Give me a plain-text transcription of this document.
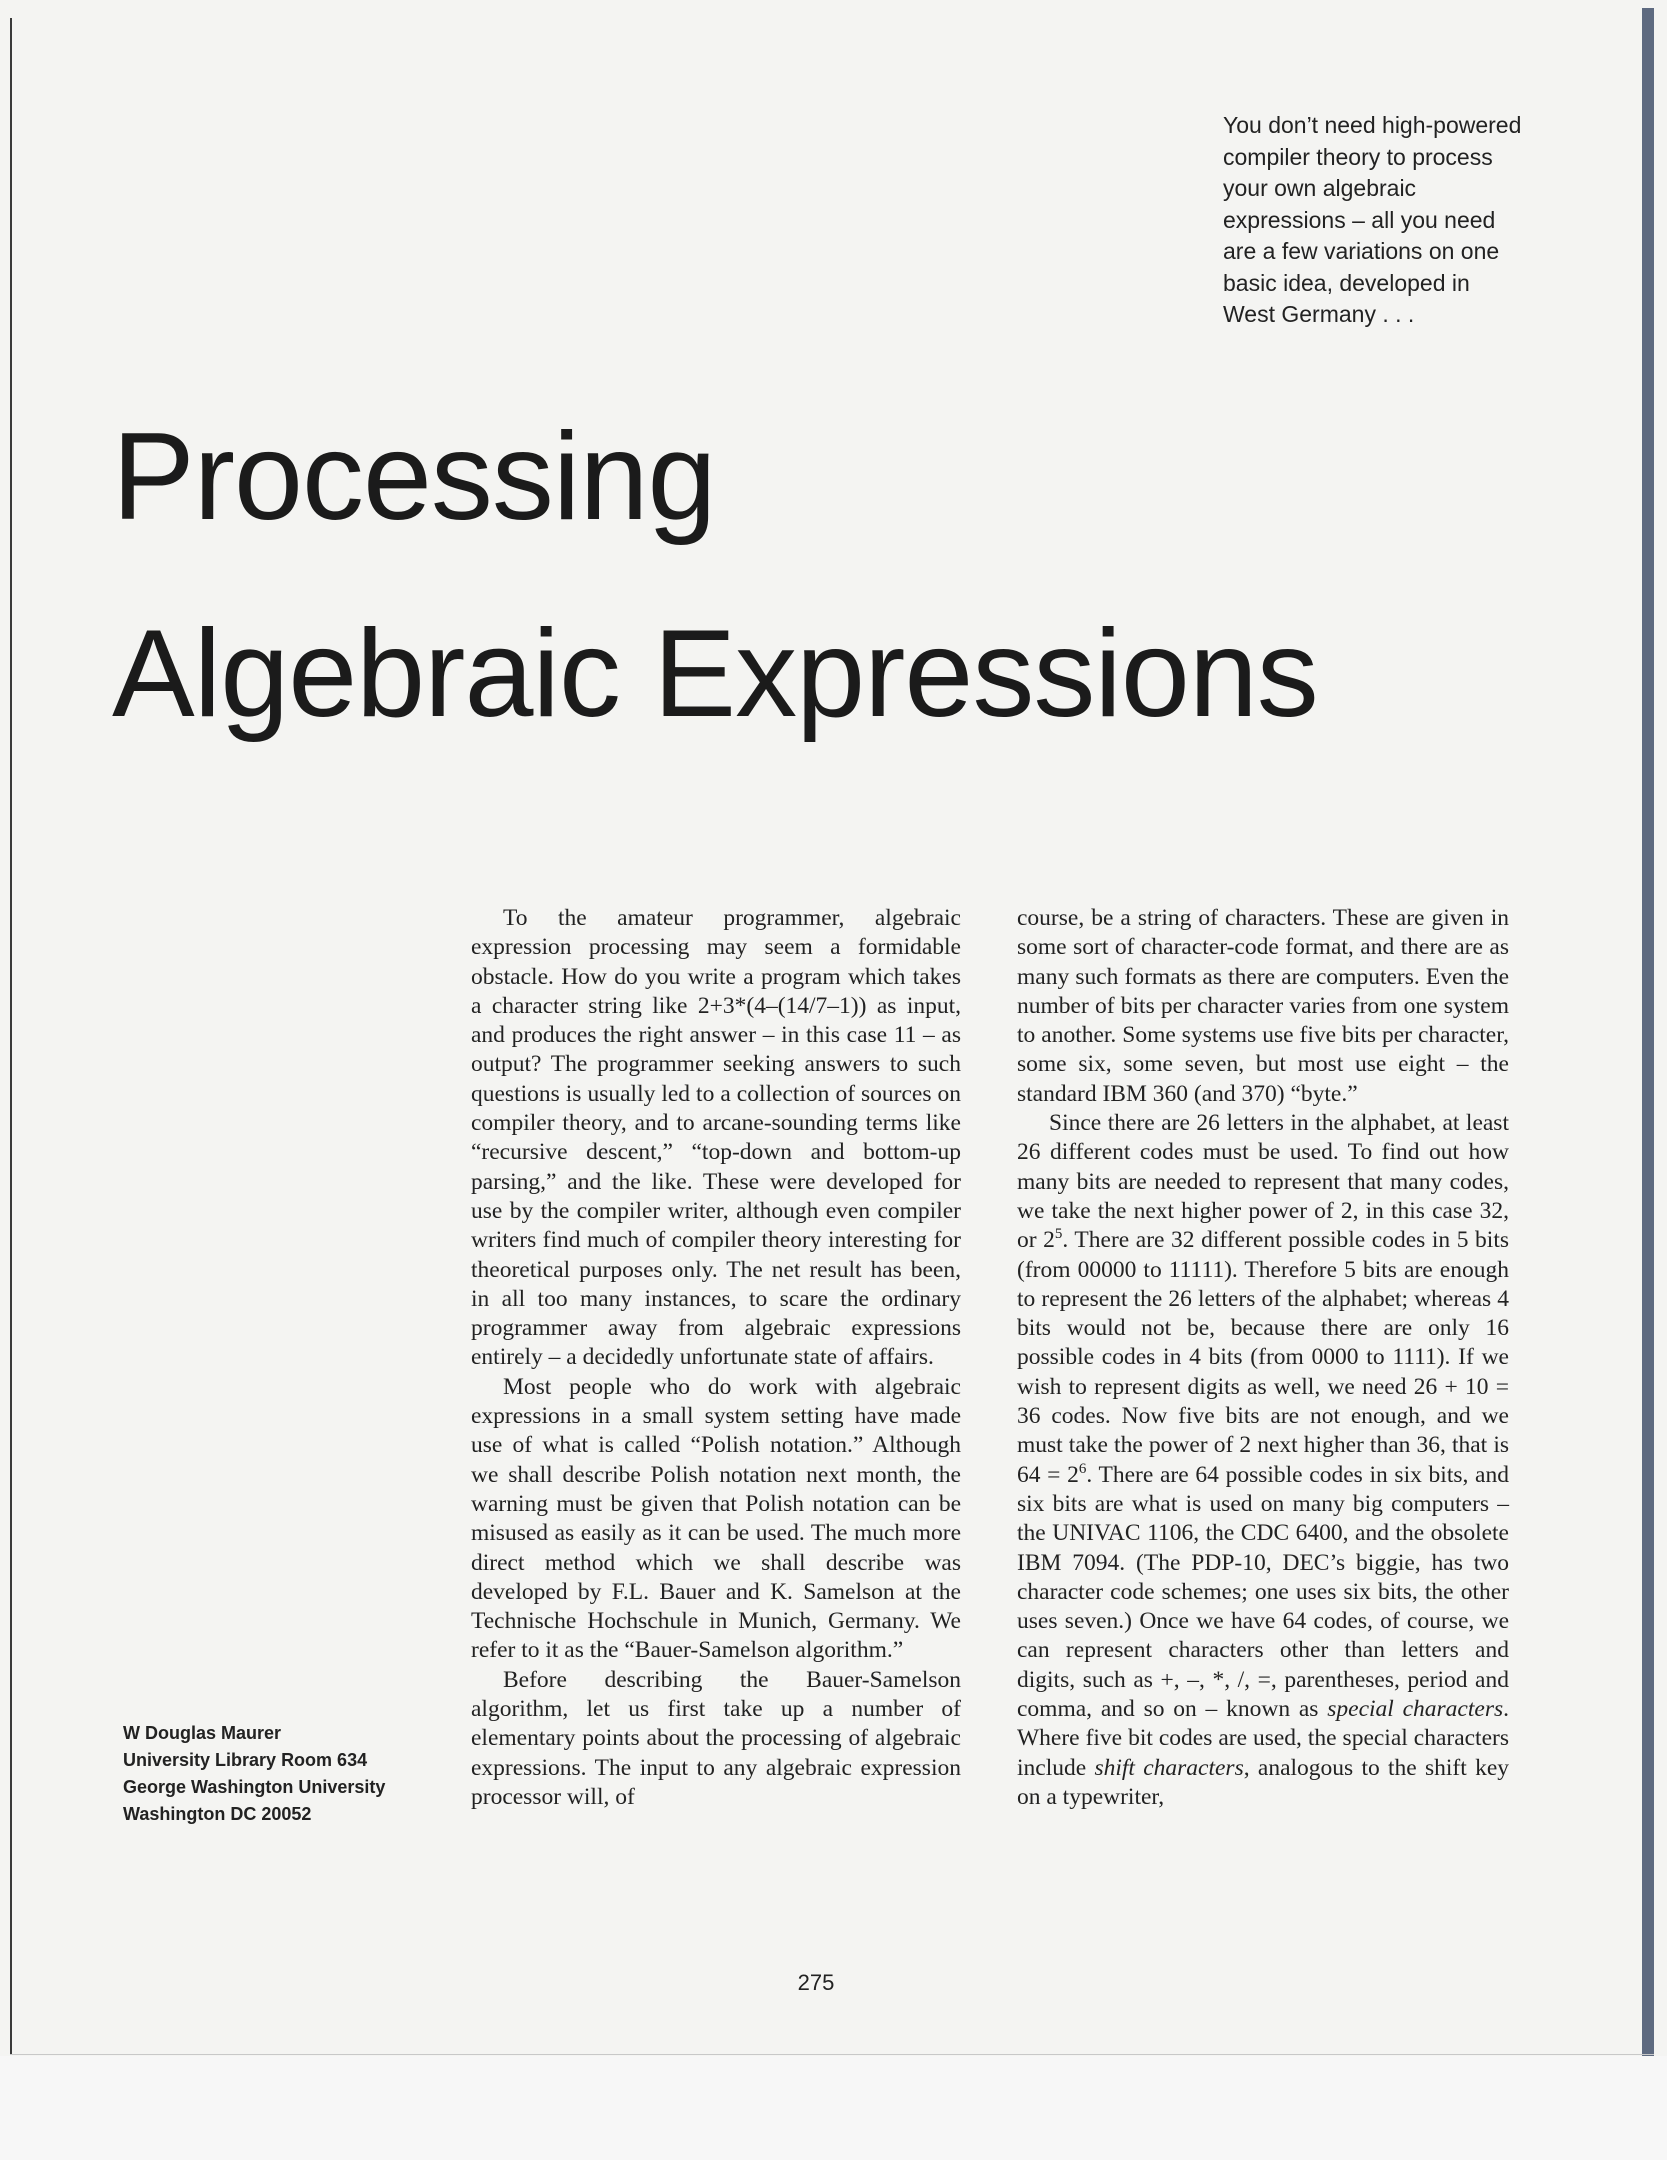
You don’t need high-powered compiler theory to process your own algebraic expressions – all you need are a few variations on one basic idea, developed in West Germany . . .
Processing
Algebraic Expressions
W Douglas Maurer
University Library Room 634
George Washington University
Washington DC 20052

To the amateur programmer, algebraic expression processing may seem a formidable obstacle. How do you write a program which takes a character string like 2+3*(4–(14/7–1)) as input, and produces the right answer – in this case 11 – as output? The programmer seeking answers to such questions is usually led to a collection of sources on compiler theory, and to arcane-sounding terms like “recursive descent,” “top-down and bottom-up parsing,” and the like. These were developed for use by the compiler writer, although even compiler writers find much of compiler theory interesting for theoretical purposes only. The net result has been, in all too many instances, to scare the ordinary programmer away from algebraic expressions entirely – a decidedly unfortunate state of affairs.

Most people who do work with algebraic expressions in a small system setting have made use of what is called “Polish notation.” Although we shall describe Polish notation next month, the warning must be given that Polish notation can be misused as easily as it can be used. The much more direct method which we shall describe was developed by F.L. Bauer and K. Samelson at the Technische Hochschule in Munich, Germany. We refer to it as the “Bauer-Samelson algorithm.”

Before describing the Bauer-Samelson algorithm, let us first take up a number of elementary points about the processing of algebraic expressions. The input to any algebraic expression processor will, of

course, be a string of characters. These are given in some sort of character-code format, and there are as many such formats as there are computers. Even the number of bits per character varies from one system to another. Some systems use five bits per character, some six, some seven, but most use eight – the standard IBM 360 (and 370) “byte.”

Since there are 26 letters in the alphabet, at least 26 different codes must be used. To find out how many bits are needed to represent that many codes, we take the next higher power of 2, in this case 32, or $2^5$. There are 32 different possible codes in 5 bits (from 00000 to 11111). Therefore 5 bits are enough to represent the 26 letters of the alphabet; whereas 4 bits would not be, because there are only 16 possible codes in 4 bits (from 0000 to 1111). If we wish to represent digits as well, we need 26 + 10 = 36 codes. Now five bits are not enough, and we must take the power of 2 next higher than 36, that is $64 = 2^6$. There are 64 possible codes in six bits, and six bits are what is used on many big computers – the UNIVAC 1106, the CDC 6400, and the obsolete IBM 7094. (The PDP-10, DEC’s biggie, has two character code schemes; one uses six bits, the other uses seven.) Once we have 64 codes, of course, we can represent characters other than letters and digits, such as +, –, *, /, =, parentheses, period and comma, and so on – known as special characters. Where five bit codes are used, the special characters include shift characters, analogous to the shift key on a typewriter,

275
